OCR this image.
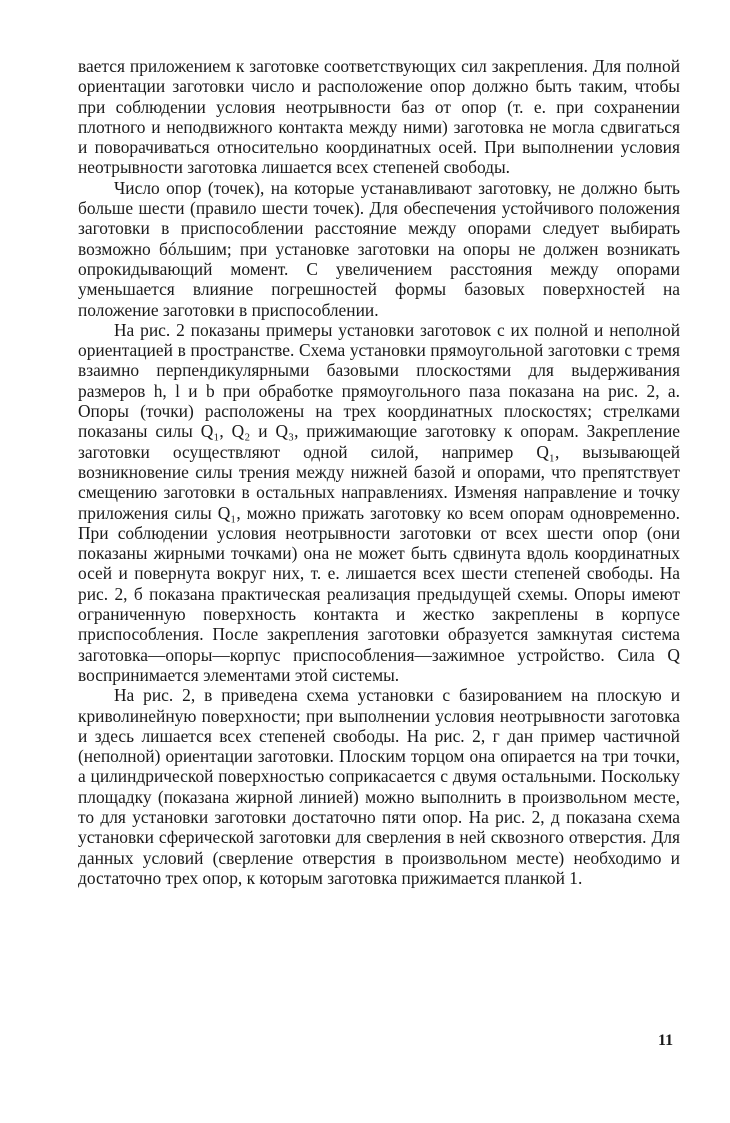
вается приложением к заготовке соответствующих сил закрепления. Для полной ориентации заготовки число и расположение опор должно быть таким, чтобы при соблюдении условия неотрывности баз от опор (т. е. при сохранении плотного и неподвижного контакта между ними) заготовка не могла сдвигаться и поворачиваться относительно координатных осей. При выполнении условия неотрывности заготовка лишается всех степеней свободы.

Число опор (точек), на которые устанавливают заготовку, не должно быть больше шести (правило шести точек). Для обеспечения устойчивого положения заготовки в приспособлении расстояние между опорами следует выбирать возможно бóльшим; при установке заготовки на опоры не должен возникать опрокидывающий момент. С увеличением расстояния между опорами уменьшается влияние погрешностей формы базовых поверхностей на положение заготовки в приспособлении.

На рис. 2 показаны примеры установки заготовок с их полной и неполной ориентацией в пространстве. Схема установки прямоугольной заготовки с тремя взаимно перпендикулярными базовыми плоскостями для выдерживания размеров h, l и b при обработке прямоугольного паза показана на рис. 2, а. Опоры (точки) расположены на трех координатных плоскостях; стрелками показаны силы Q₁, Q₂ и Q₃, прижимающие заготовку к опорам. Закрепление заготовки осуществляют одной силой, например Q₁, вызывающей возникновение силы трения между нижней базой и опорами, что препятствует смещению заготовки в остальных направлениях. Изменяя направление и точку приложения силы Q₁, можно прижать заготовку ко всем опорам одновременно. При соблюдении условия неотрывности заготовки от всех шести опор (они показаны жирными точками) она не может быть сдвинута вдоль координатных осей и повернута вокруг них, т. е. лишается всех шести степеней свободы. На рис. 2, б показана практическая реализация предыдущей схемы. Опоры имеют ограниченную поверхность контакта и жестко закреплены в корпусе приспособления. После закрепления заготовки образуется замкнутая система заготовка—опоры—корпус приспособления—зажимное устройство. Сила Q воспринимается элементами этой системы.

На рис. 2, в приведена схема установки с базированием на плоскую и криволинейную поверхности; при выполнении условия неотрывности заготовка и здесь лишается всех степеней свободы. На рис. 2, г дан пример частичной (неполной) ориентации заготовки. Плоским торцом она опирается на три точки, а цилиндрической поверхностью соприкасается с двумя остальными. Поскольку площадку (показана жирной линией) можно выполнить в произвольном месте, то для установки заготовки достаточно пяти опор. На рис. 2, д показана схема установки сферической заготовки для сверления в ней сквозного отверстия. Для данных условий (сверление отверстия в произвольном месте) необходимо и достаточно трех опор, к которым заготовка прижимается планкой 1.

11
